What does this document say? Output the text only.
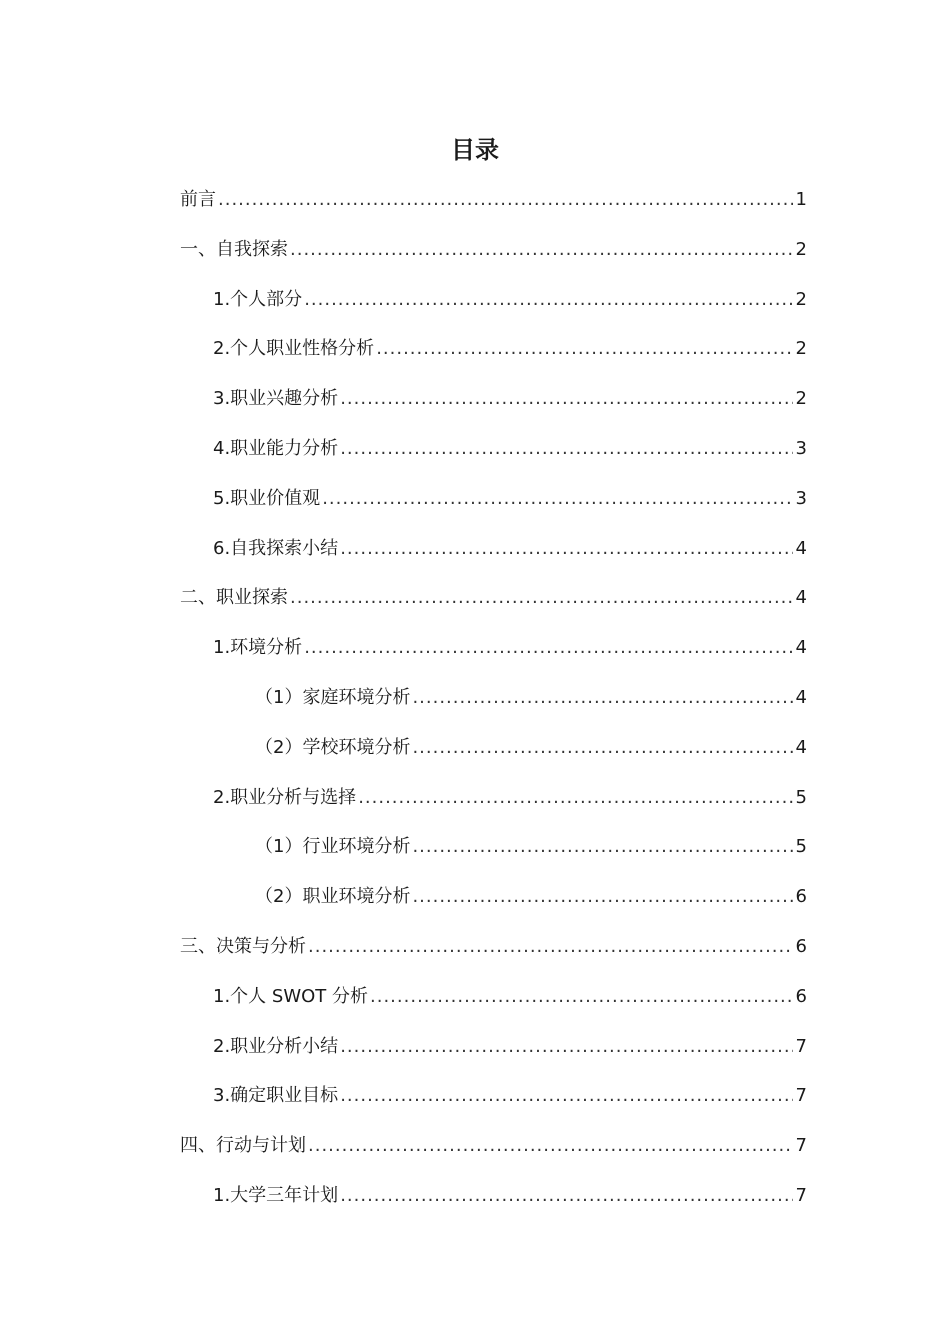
目录
前言 .....	1
一、自我探索 .....	2
1.个人部分 .....	2
2.个人职业性格分析 .....	2
3.职业兴趣分析 .....	2
4.职业能力分析 .....	3
5.职业价值观 .....	3
6.自我探索小结 .....	4
二、职业探索 .....	4
1.环境分析 .....	4
（1）家庭环境分析 .....	4
（2）学校环境分析 .....	4
2.职业分析与选择 .....	5
（1）行业环境分析 .....	5
（2）职业环境分析 .....	6
三、决策与分析 .....	6
1.个人 SWOT 分析 .....	6
2.职业分析小结 .....	7
3.确定职业目标 .....	7
四、行动与计划 .....	7
1.大学三年计划 .....	7
